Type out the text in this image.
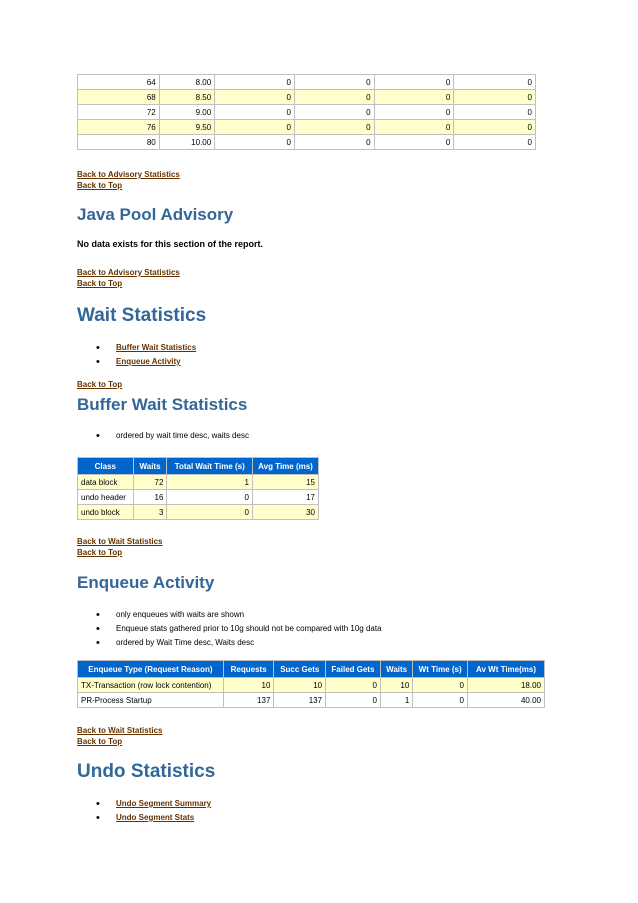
64	8.00	0	0	0	0
68	8.50	0	0	0	0
72	9.00	0	0	0	0
76	9.50	0	0	0	0
80	10.00	0	0	0	0
Back to Advisory Statistics
Back to Top
Java Pool Advisory
No data exists for this section of the report.
Back to Advisory Statistics
Back to Top
Wait Statistics
• Buffer Wait Statistics
• Enqueue Activity
Back to Top
Buffer Wait Statistics
• ordered by wait time desc, waits desc
Class	Waits	Total Wait Time (s)	Avg Time (ms)
data block	72	1	15
undo header	16	0	17
undo block	3	0	30
Back to Wait Statistics
Back to Top
Enqueue Activity
• only enqueues with waits are shown
• Enqueue stats gathered prior to 10g should not be compared with 10g data
• ordered by Wait Time desc, Waits desc
Enqueue Type (Request Reason)	Requests	Succ Gets	Failed Gets	Waits	Wt Time (s)	Av Wt Time(ms)
TX-Transaction (row lock contention)	10	10	0	10	0	18.00
PR-Process Startup	137	137	0	1	0	40.00
Back to Wait Statistics
Back to Top
Undo Statistics
• Undo Segment Summary
• Undo Segment Stats
